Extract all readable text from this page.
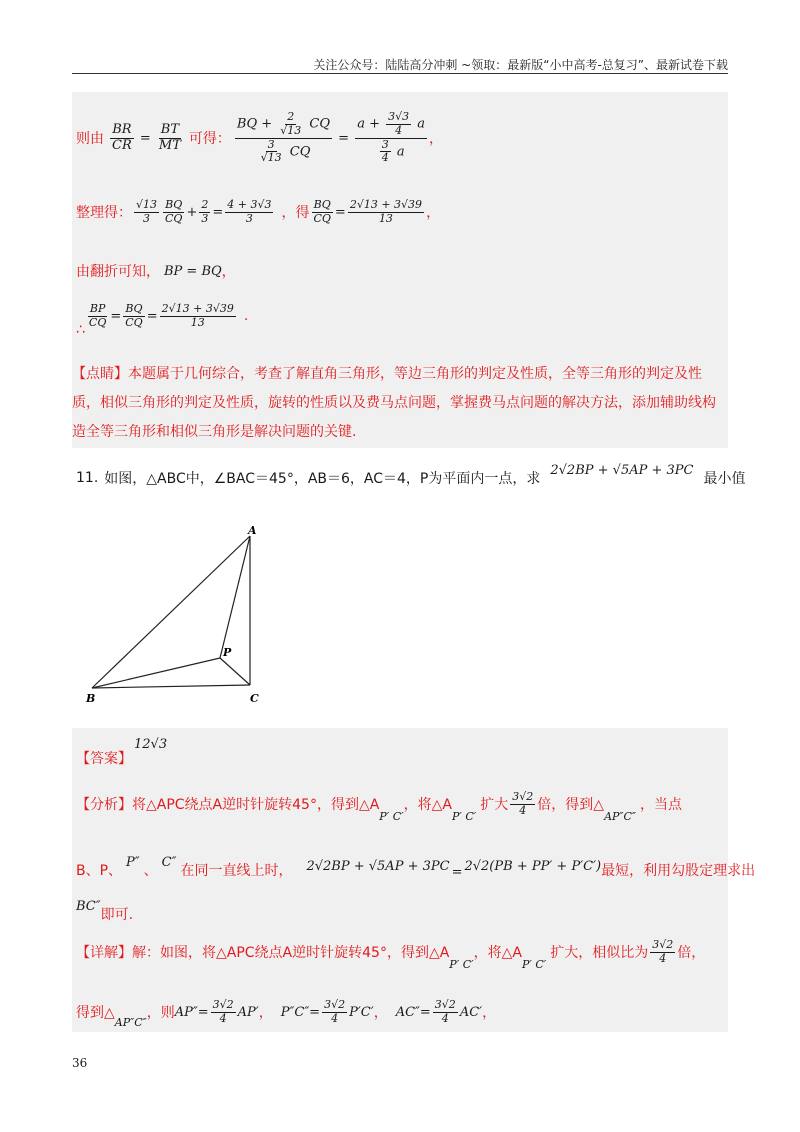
关注公众号：陆陆高分冲刺 ~领取：最新版“小中高考-总复习”、最新试卷下载
则由 $\frac{BR}{CR} = \frac{BT}{MT}$ 可得： $\frac{BQ + \frac{2}{√13} CQ}{\frac{3}{√13} CQ} = \frac{a + \frac{3√3}{4} a}{\frac{3}{4} a}$ ，
整理得： $\frac{√13}{3} \frac{BQ}{CQ} + \frac{2}{3} = \frac{4 + 3√3}{3}$ ，得 $\frac{BQ}{CQ} = \frac{2√13 + 3√39}{13}$ ，
由翻折可知， BP = BQ ，
∴
$\frac{BP}{CQ} = \frac{BQ}{CQ} = \frac{2√13 + 3√39}{13}$ .
【点睛】本题属于几何综合，考查了解直角三角形，等边三角形的判定及性质，全等三角形的判定及性质，相似三角形的判定及性质，旋转的性质以及费马点问题，掌握费马点问题的解决方法，添加辅助线构造全等三角形和相似三角形是解决问题的关键.
11. 如图，△ABC中，∠BAC＝45°，AB＝6，AC＝4，P为平面内一点，求
2√2BP + √5AP + 3PC
最小值
A
B	C
P
【答案】
12√3
【分析】 将△APC绕点A逆时针旋转45°，得到△A
P′ C′
，将△A
P′ C′
扩大 $\frac{3√2}{4}$ 倍，得到△
AP″C″
，当点
B、P、
P″
、
C″
在同一直线上时， 2√2BP + √5AP + 3PC = 2√2(PB + PP′ + P′C′) 最短，利用勾股定理求出
BC″
即可.
【详解】 解：如图，将△APC绕点A逆时针旋转45°，得到△A
P′ C′
，将△A
P′ C′
扩大，相似比为 $\frac{3√2}{4}$ 倍，
得到△
AP″C″
，则 $AP''= \frac{3√2}{4} AP'$ ， $P''C''= \frac{3√2}{4} P'C'$ ， $AC''= \frac{3√2}{4} AC'$ ，
36
